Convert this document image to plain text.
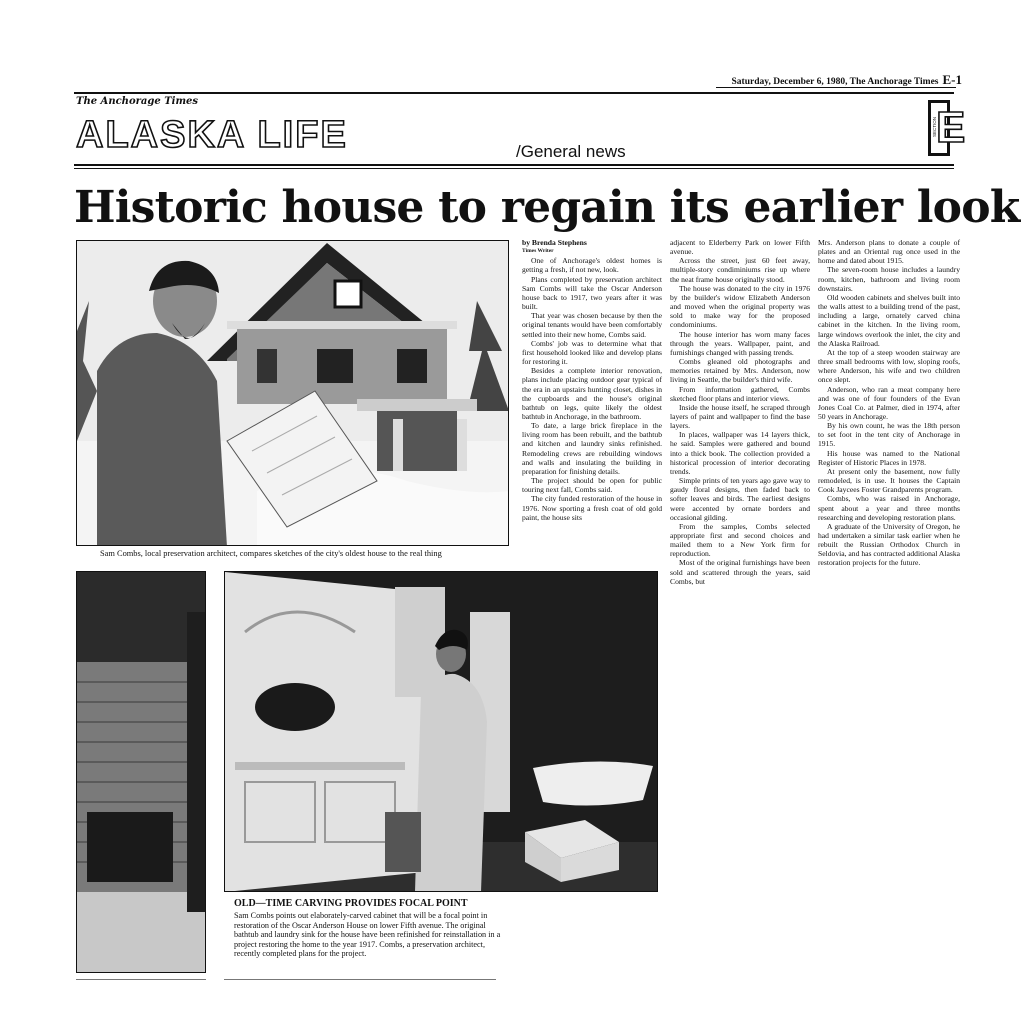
Saturday, December 6, 1980, The Anchorage Times E-1
The Anchorage Times
ALASKA LIFE	/General news
SECTION E
Historic house to regain its earlier look
Sam Combs, local preservation architect, compares sketches of the city's oldest house to the real thing
OLD—TIME CARVING PROVIDES FOCAL POINT
Sam Combs points out elaborately-carved cabinet that will be a focal point in restoration of the Oscar Anderson House on lower Fifth avenue. The original bathtub and laundry sink for the house have been refinished for reinstallation in a project restoring the home to the year 1917. Combs, a preservation architect, recently completed plans for the project.

by Brenda Stephens

Times Writer

One of Anchorage's oldest homes is getting a fresh, if not new, look.

Plans completed by preservation architect Sam Combs will take the Oscar Anderson house back to 1917, two years after it was built.

That year was chosen because by then the original tenants would have been comfortably settled into their new home, Combs said.

Combs' job was to determine what that first household looked like and develop plans for restoring it.

Besides a complete interior renovation, plans include placing outdoor gear typical of the era in an upstairs hunting closet, dishes in the cupboards and the house's original bathtub on legs, quite likely the oldest bathtub in Anchorage, in the bathroom.

To date, a large brick fireplace in the living room has been rebuilt, and the bathtub and kitchen and laundry sinks refinished. Remodeling crews are rebuilding windows and walls and insulating the building in preparation for finishing details.

The project should be open for public touring next fall, Combs said.

The city funded restoration of the house in 1976. Now sporting a fresh coat of old gold paint, the house sits

adjacent to Elderberry Park on lower Fifth avenue.

Across the street, just 60 feet away, multiple-story condiminiums rise up where the neat frame house originally stood.

The house was donated to the city in 1976 by the builder's widow Elizabeth Anderson and moved when the original property was sold to make way for the proposed condominiums.

The house interior has worn many faces through the years. Wallpaper, paint, and furnishings changed with passing trends.

Combs gleaned old photographs and memories retained by Mrs. Anderson, now living in Seattle, the builder's third wife.

From information gathered, Combs sketched floor plans and interior views.

Inside the house itself, he scraped through layers of paint and wallpaper to find the base layers.

In places, wallpaper was 14 layers thick, he said. Samples were gathered and bound into a thick book. The collection provided a historical procession of interior decorating trends.

Simple prints of ten years ago gave way to gaudy floral designs, then faded back to softer leaves and birds. The earliest designs were accented by ornate borders and occasional gilding.

From the samples, Combs selected appropriate first and second choices and mailed them to a New York firm for reproduction.

Most of the original furnishings have been sold and scattered through the years, said Combs, but

Mrs. Anderson plans to donate a couple of plates and an Oriental rug once used in the home and dated about 1915.

The seven-room house includes a laundry room, kitchen, bathroom and living room downstairs.

Old wooden cabinets and shelves built into the walls attest to a building trend of the past, including a large, ornately carved china cabinet in the kitchen. In the living room, large windows overlook the inlet, the city and the Alaska Railroad.

At the top of a steep wooden stairway are three small bedrooms with low, sloping roofs, where Anderson, his wife and two children once slept.

Anderson, who ran a meat company here and was one of four founders of the Evan Jones Coal Co. at Palmer, died in 1974, after 50 years in Anchorage.

By his own count, he was the 18th person to set foot in the tent city of Anchorage in 1915.

His house was named to the National Register of Historic Places in 1978.

At present only the basement, now fully remodeled, is in use. It houses the Captain Cook Jaycees Foster Grandparents program.

Combs, who was raised in Anchorage, spent about a year and three months researching and developing restoration plans.

A graduate of the University of Oregon, he had undertaken a similar task earlier when he rebuilt the Russian Orthodox Church in Seldovia, and has contracted additional Alaska restoration projects for the future.
